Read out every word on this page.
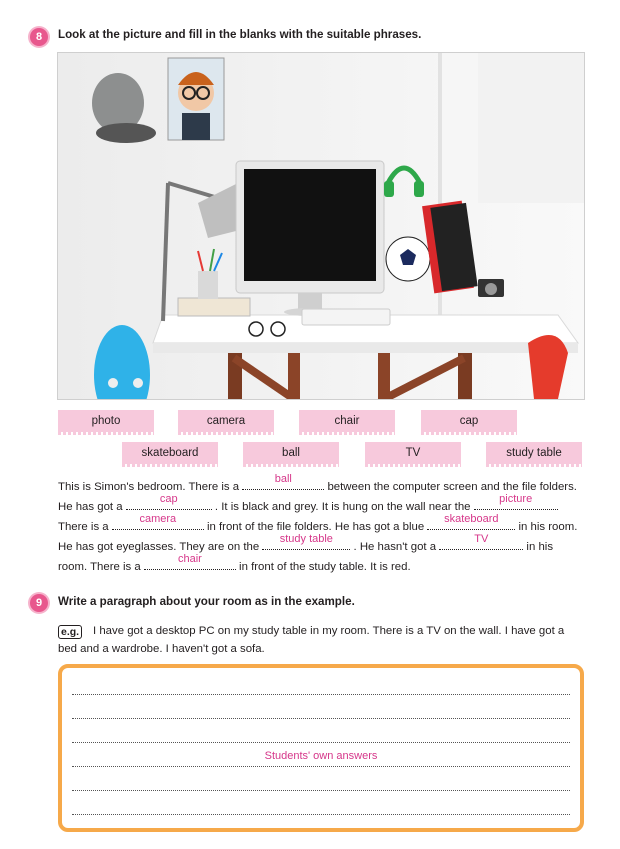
8	Look at the picture and fill in the blanks with the suitable phrases.
photo	camera	chair	cap
skateboard	ball	TV	study table
This is Simon's bedroom. There is a
ball
between the computer screen and the file folders.
He has got a
cap
. It is black and grey. It is hung on the wall near the
picture
There is a
camera
in front of the file folders. He has got a blue
skateboard
in his room.
He has got eyeglasses. They are on the
study table
. He hasn't got a
TV
in his
room. There is a
chair
in front of the study table. It is red.
9	Write a paragraph about your room as in the example.
e.g. I have got a desktop PC on my study table in my room. There is a TV on the wall. I have got a
bed and a wardrobe. I haven't got a sofa.
Students' own answers
